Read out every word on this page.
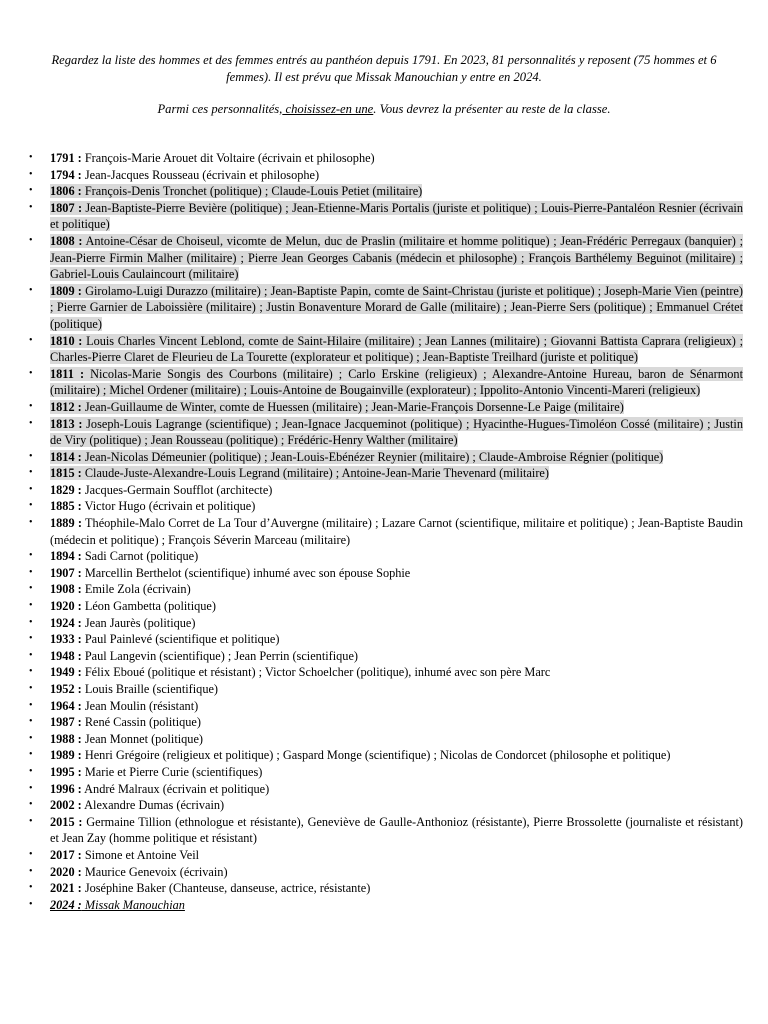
Regardez la liste des hommes et des femmes entrés au panthéon depuis 1791. En 2023, 81 personnalités y reposent (75 hommes et 6 femmes). Il est prévu que Missak Manouchian y entre en 2024.

Parmi ces personnalités, choisissez-en une. Vous devrez la présenter au reste de la classe.

• 1791 : François-Marie Arouet dit Voltaire (écrivain et philosophe)
• 1794 : Jean-Jacques Rousseau (écrivain et philosophe)
• 1806 : François-Denis Tronchet (politique) ; Claude-Louis Petiet (militaire)
• 1807 : Jean-Baptiste-Pierre Bevière (politique) ; Jean-Etienne-Maris Portalis (juriste et politique) ; Louis-Pierre-Pantaléon Resnier (écrivain et politique)
• 1808 : Antoine-César de Choiseul, vicomte de Melun, duc de Praslin (militaire et homme politique) ; Jean-Frédéric Perregaux (banquier) ; Jean-Pierre Firmin Malher (militaire) ; Pierre Jean Georges Cabanis (médecin et philosophe) ; François Barthélemy Beguinot (militaire) ; Gabriel-Louis Caulaincourt (militaire)
• 1809 : Girolamo-Luigi Durazzo (militaire) ; Jean-Baptiste Papin, comte de Saint-Christau (juriste et politique) ; Joseph-Marie Vien (peintre) ; Pierre Garnier de Laboissière (militaire) ; Justin Bonaventure Morard de Galle (militaire) ; Jean-Pierre Sers (politique) ; Emmanuel Crétet (politique)
• 1810 : Louis Charles Vincent Leblond, comte de Saint-Hilaire (militaire) ; Jean Lannes (militaire) ; Giovanni Battista Caprara (religieux) ; Charles-Pierre Claret de Fleurieu de La Tourette (explorateur et politique) ; Jean-Baptiste Treilhard (juriste et politique)
• 1811 : Nicolas-Marie Songis des Courbons (militaire) ; Carlo Erskine (religieux) ; Alexandre-Antoine Hureau, baron de Sénarmont (militaire) ; Michel Ordener (militaire) ; Louis-Antoine de Bougainville (explorateur) ; Ippolito-Antonio Vincenti-Mareri (religieux)
• 1812 : Jean-Guillaume de Winter, comte de Huessen (militaire) ; Jean-Marie-François Dorsenne-Le Paige (militaire)
• 1813 : Joseph-Louis Lagrange (scientifique) ; Jean-Ignace Jacqueminot (politique) ; Hyacinthe-Hugues-Timoléon Cossé (militaire) ; Justin de Viry (politique) ; Jean Rousseau (politique) ; Frédéric-Henry Walther (militaire)
• 1814 : Jean-Nicolas Démeunier (politique) ; Jean-Louis-Ebénézer Reynier (militaire) ; Claude-Ambroise Régnier (politique)
• 1815 : Claude-Juste-Alexandre-Louis Legrand (militaire) ; Antoine-Jean-Marie Thevenard (militaire)
• 1829 : Jacques-Germain Soufflot (architecte)
• 1885 : Victor Hugo (écrivain et politique)
• 1889 : Théophile-Malo Corret de La Tour d’Auvergne (militaire) ; Lazare Carnot (scientifique, militaire et politique) ; Jean-Baptiste Baudin (médecin et politique) ; François Séverin Marceau (militaire)
• 1894 : Sadi Carnot (politique)
• 1907 : Marcellin Berthelot (scientifique) inhumé avec son épouse Sophie
• 1908 : Emile Zola (écrivain)
• 1920 : Léon Gambetta (politique)
• 1924 : Jean Jaurès (politique)
• 1933 : Paul Painlevé (scientifique et politique)
• 1948 : Paul Langevin (scientifique) ; Jean Perrin (scientifique)
• 1949 : Félix Eboué (politique et résistant) ; Victor Schoelcher (politique), inhumé avec son père Marc
• 1952 : Louis Braille (scientifique)
• 1964 : Jean Moulin (résistant)
• 1987 : René Cassin (politique)
• 1988 : Jean Monnet (politique)
• 1989 : Henri Grégoire (religieux et politique) ; Gaspard Monge (scientifique) ; Nicolas de Condorcet (philosophe et politique)
• 1995 : Marie et Pierre Curie (scientifiques)
• 1996 : André Malraux (écrivain et politique)
• 2002 : Alexandre Dumas (écrivain)
• 2015 : Germaine Tillion (ethnologue et résistante), Geneviève de Gaulle-Anthonioz (résistante), Pierre Brossolette (journaliste et résistant) et Jean Zay (homme politique et résistant)
• 2017 : Simone et Antoine Veil
• 2020 : Maurice Genevoix (écrivain)
• 2021 : Joséphine Baker (Chanteuse, danseuse, actrice, résistante)
• 2024 : Missak Manouchian
